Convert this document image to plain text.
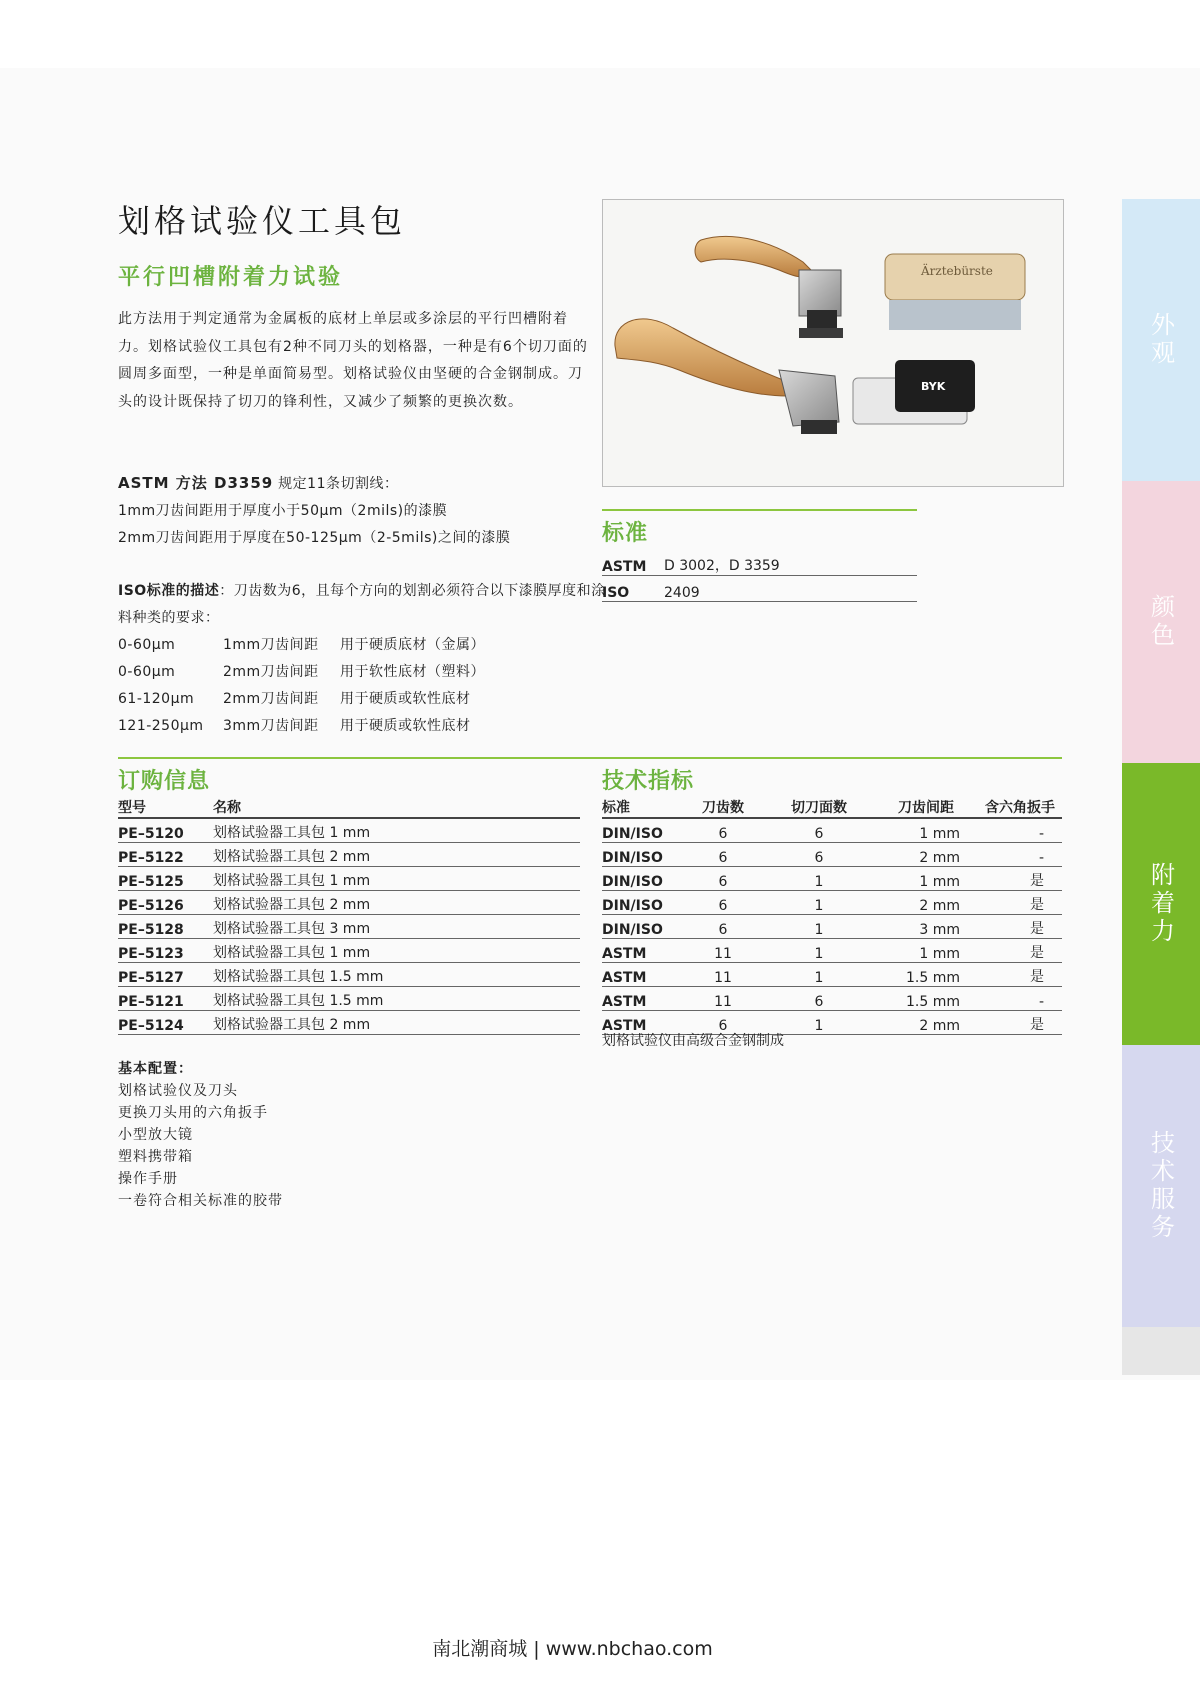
划格试验仪工具包
平行凹槽附着力试验
此方法用于判定通常为金属板的底材上单层或多涂层的平行凹槽附着力。划格试验仪工具包有2种不同刀头的划格器，一种是有6个切刀面的圆周多面型，一种是单面简易型。划格试验仪由坚硬的合金钢制成。刀头的设计既保持了切刀的锋利性，又减少了频繁的更换次数。
ASTM 方法 D3359 规定11条切割线：
1mm刀齿间距用于厚度小于50µm（2mils)的漆膜
2mm刀齿间距用于厚度在50-125µm（2-5mils)之间的漆膜
ISO标准的描述：刀齿数为6，且每个方向的划割必须符合以下漆膜厚度和涂料种类的要求：
0-60µm	1mm刀齿间距	用于硬质底材（金属）
0-60µm	2mm刀齿间距	用于软性底材（塑料）
61-120µm	2mm刀齿间距	用于硬质或软性底材
121-250µm	3mm刀齿间距	用于硬质或软性底材
Ärztebürste
BYK
标准
ASTM	D 3002，D 3359
ISO	2409
订购信息	技术指标
型号	名称
PE–5120	划格试验器工具包 1 mm
PE–5122	划格试验器工具包 2 mm
PE–5125	划格试验器工具包 1 mm
PE–5126	划格试验器工具包 2 mm
PE–5128	划格试验器工具包 3 mm
PE–5123	划格试验器工具包 1 mm
PE–5127	划格试验器工具包 1.5 mm
PE–5121	划格试验器工具包 1.5 mm
PE–5124	划格试验器工具包 2 mm
标准	刀齿数	切刀面数	刀齿间距	含六角扳手
DIN/ISO	6	6	1 mm	-
DIN/ISO	6	6	2 mm	-
DIN/ISO	6	1	1 mm	是
DIN/ISO	6	1	2 mm	是
DIN/ISO	6	1	3 mm	是
ASTM	11	1	1 mm	是
ASTM	11	1	1.5 mm	是
ASTM	11	6	1.5 mm	-
ASTM	6	1	2 mm	是
划格试验仪由高级合金钢制成
基本配置：
划格试验仪及刀头
更换刀头用的六角扳手
小型放大镜
塑料携带箱
操作手册
一卷符合相关标准的胶带
外观
颜色
附着力
技术服务
南北潮商城 | www.nbchao.com
